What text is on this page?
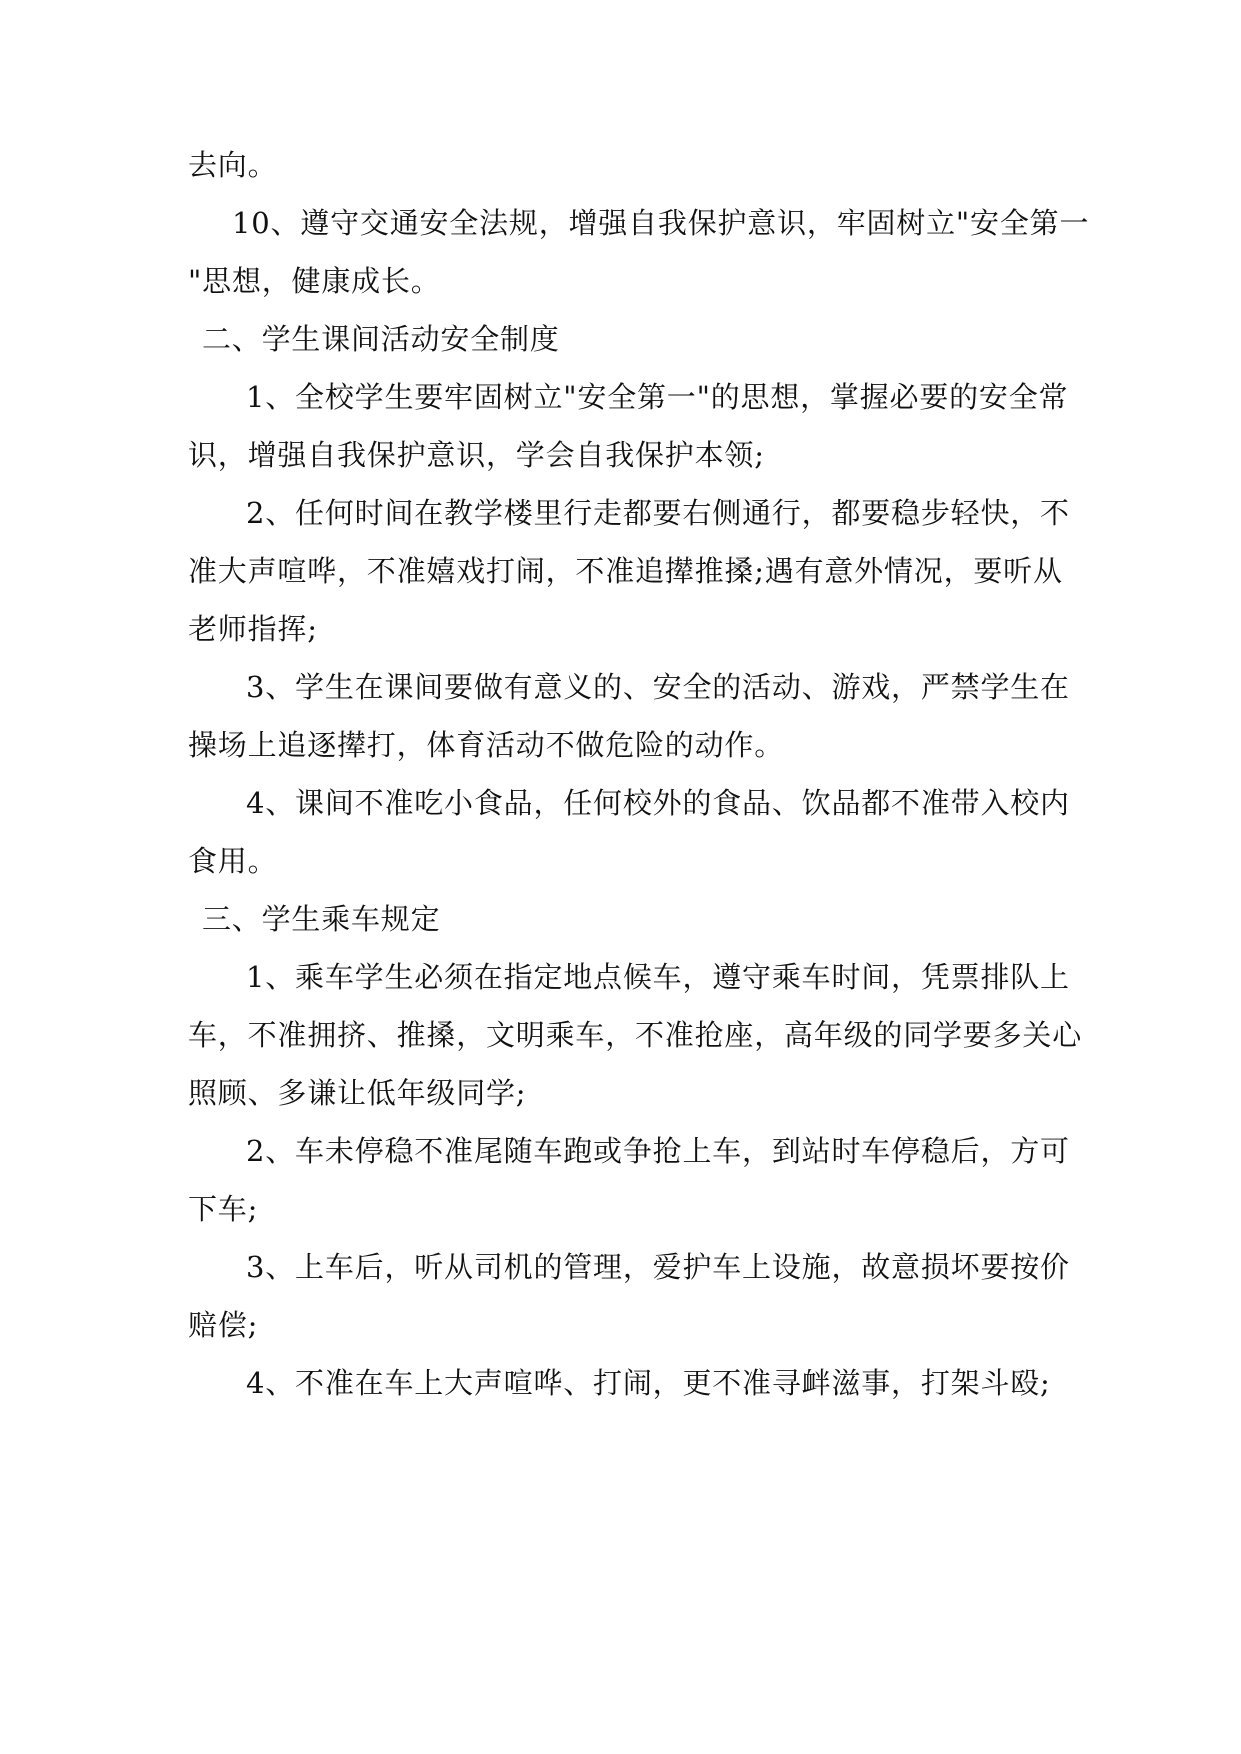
去向。

10、遵守交通安全法规，增强自我保护意识，牢固树立"安全第一

"思想，健康成长。

二、学生课间活动安全制度

1、全校学生要牢固树立"安全第一"的思想，掌握必要的安全常

识，增强自我保护意识，学会自我保护本领;

2、任何时间在教学楼里行走都要右侧通行，都要稳步轻快，不

准大声喧哗，不准嬉戏打闹，不准追撵推搡;遇有意外情况，要听从

老师指挥;

3、学生在课间要做有意义的、安全的活动、游戏，严禁学生在

操场上追逐撵打，体育活动不做危险的动作。

4、课间不准吃小食品，任何校外的食品、饮品都不准带入校内

食用。

三、学生乘车规定

1、乘车学生必须在指定地点候车，遵守乘车时间，凭票排队上

车，不准拥挤、推搡，文明乘车，不准抢座，高年级的同学要多关心

照顾、多谦让低年级同学;

2、车未停稳不准尾随车跑或争抢上车，到站时车停稳后，方可

下车;

3、上车后，听从司机的管理，爱护车上设施，故意损坏要按价

赔偿;

4、不准在车上大声喧哗、打闹，更不准寻衅滋事，打架斗殴;
